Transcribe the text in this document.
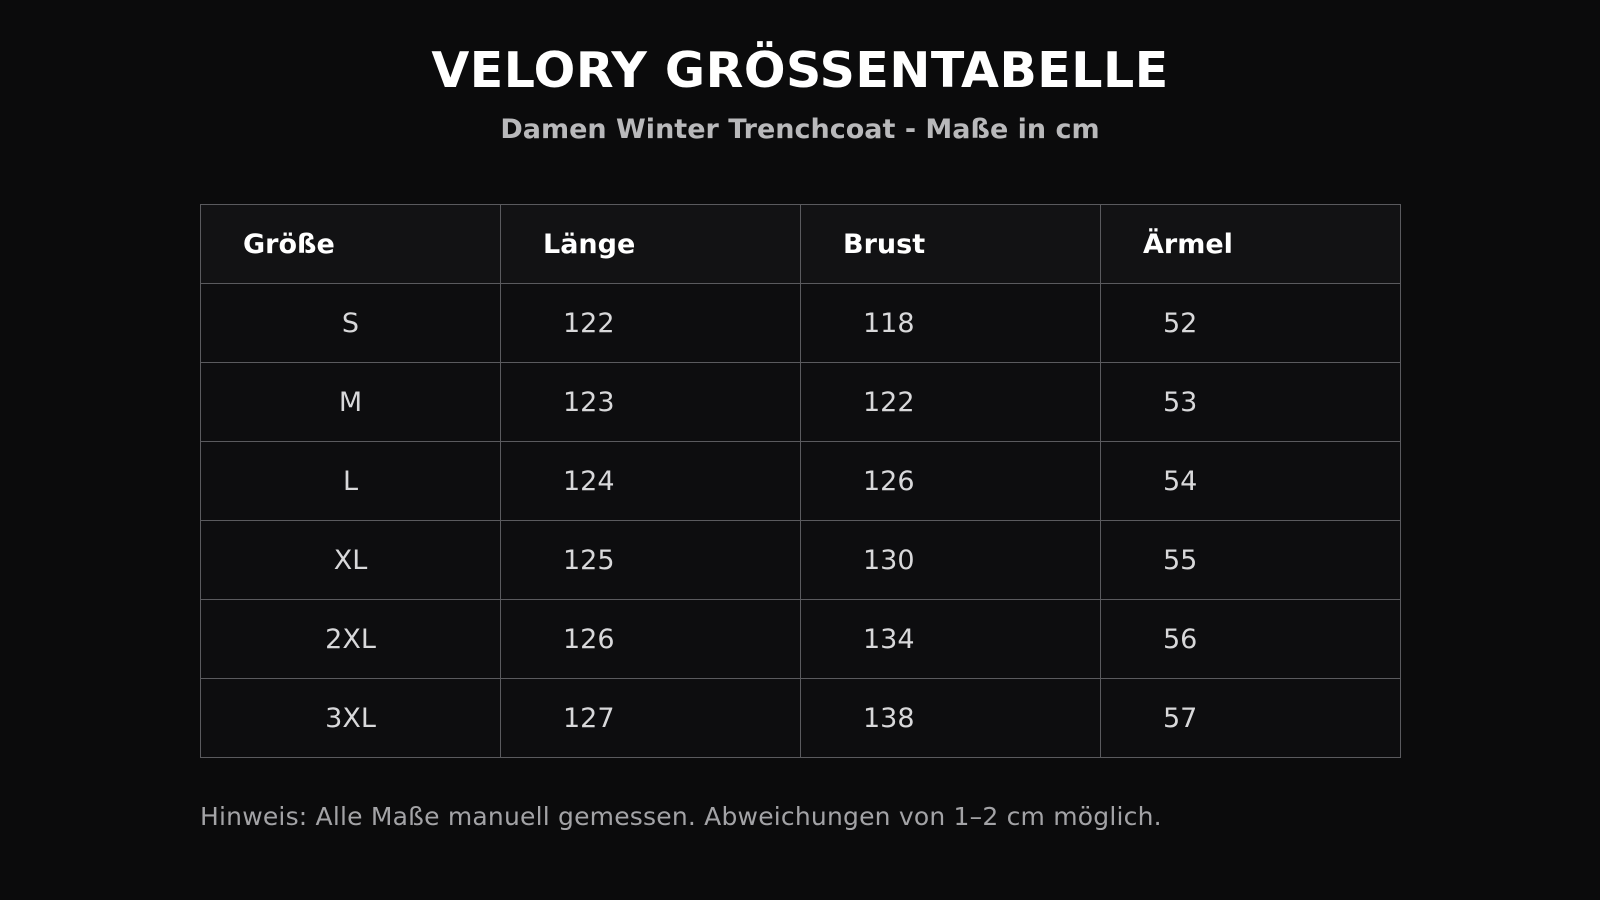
VELORY GRÖSSENTABELLE
Damen Winter Trenchcoat - Maße in cm
Größe	Länge	Brust	Ärmel
S	122	118	52
M	123	122	53
L	124	126	54
XL	125	130	55
2XL	126	134	56
3XL	127	138	57
Hinweis: Alle Maße manuell gemessen. Abweichungen von 1–2 cm möglich.
